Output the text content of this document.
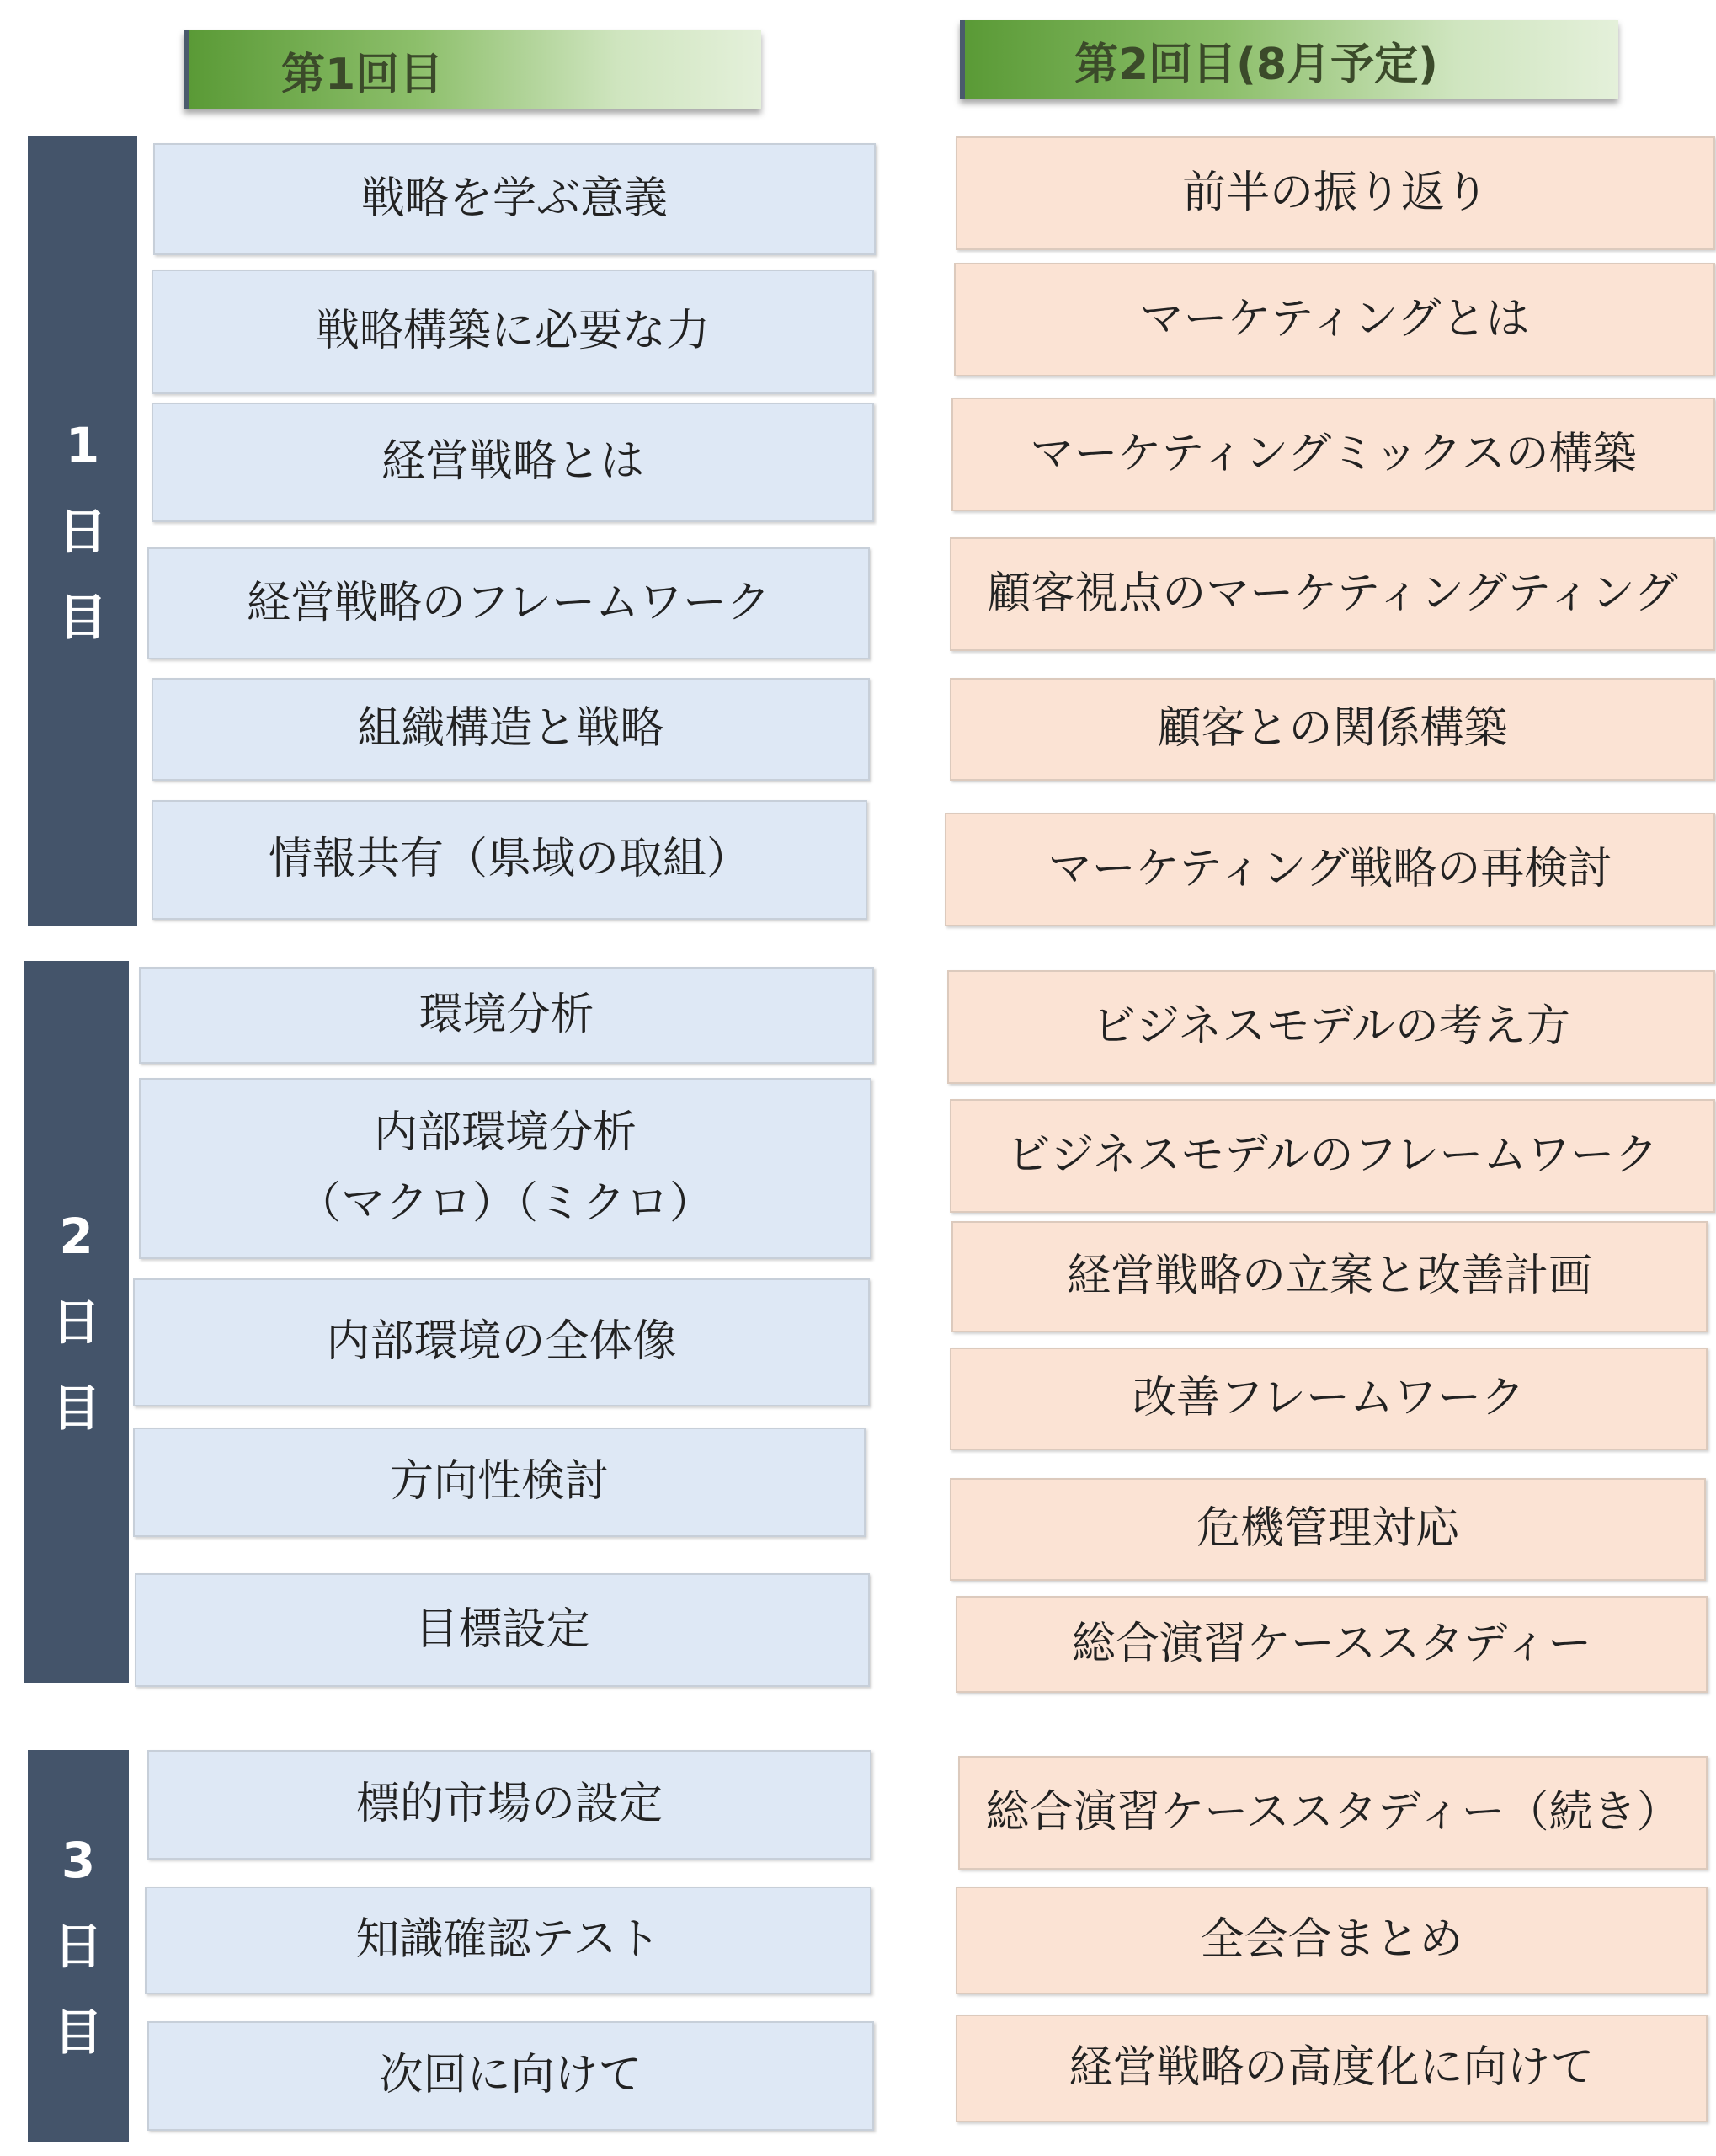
第1回目	第2回目(8月予定)
1
日
目
2
日
目
3
日
目
戦略を学ぶ意義
戦略構築に必要な力
経営戦略とは
経営戦略のフレームワーク
組織構造と戦略
情報共有（県域の取組）
環境分析
内部環境分析
（マクロ）（ミクロ）
内部環境の全体像
方向性検討
目標設定
標的市場の設定
知識確認テスト
次回に向けて
前半の振り返り
マーケティングとは
マーケティングミックスの構築
顧客視点のマーケティングティング
顧客との関係構築
マーケティング戦略の再検討
ビジネスモデルの考え方
ビジネスモデルのフレームワーク
経営戦略の立案と改善計画
改善フレームワーク
危機管理対応
総合演習ケーススタディー
総合演習ケーススタディー（続き）
全会合まとめ
経営戦略の高度化に向けて
